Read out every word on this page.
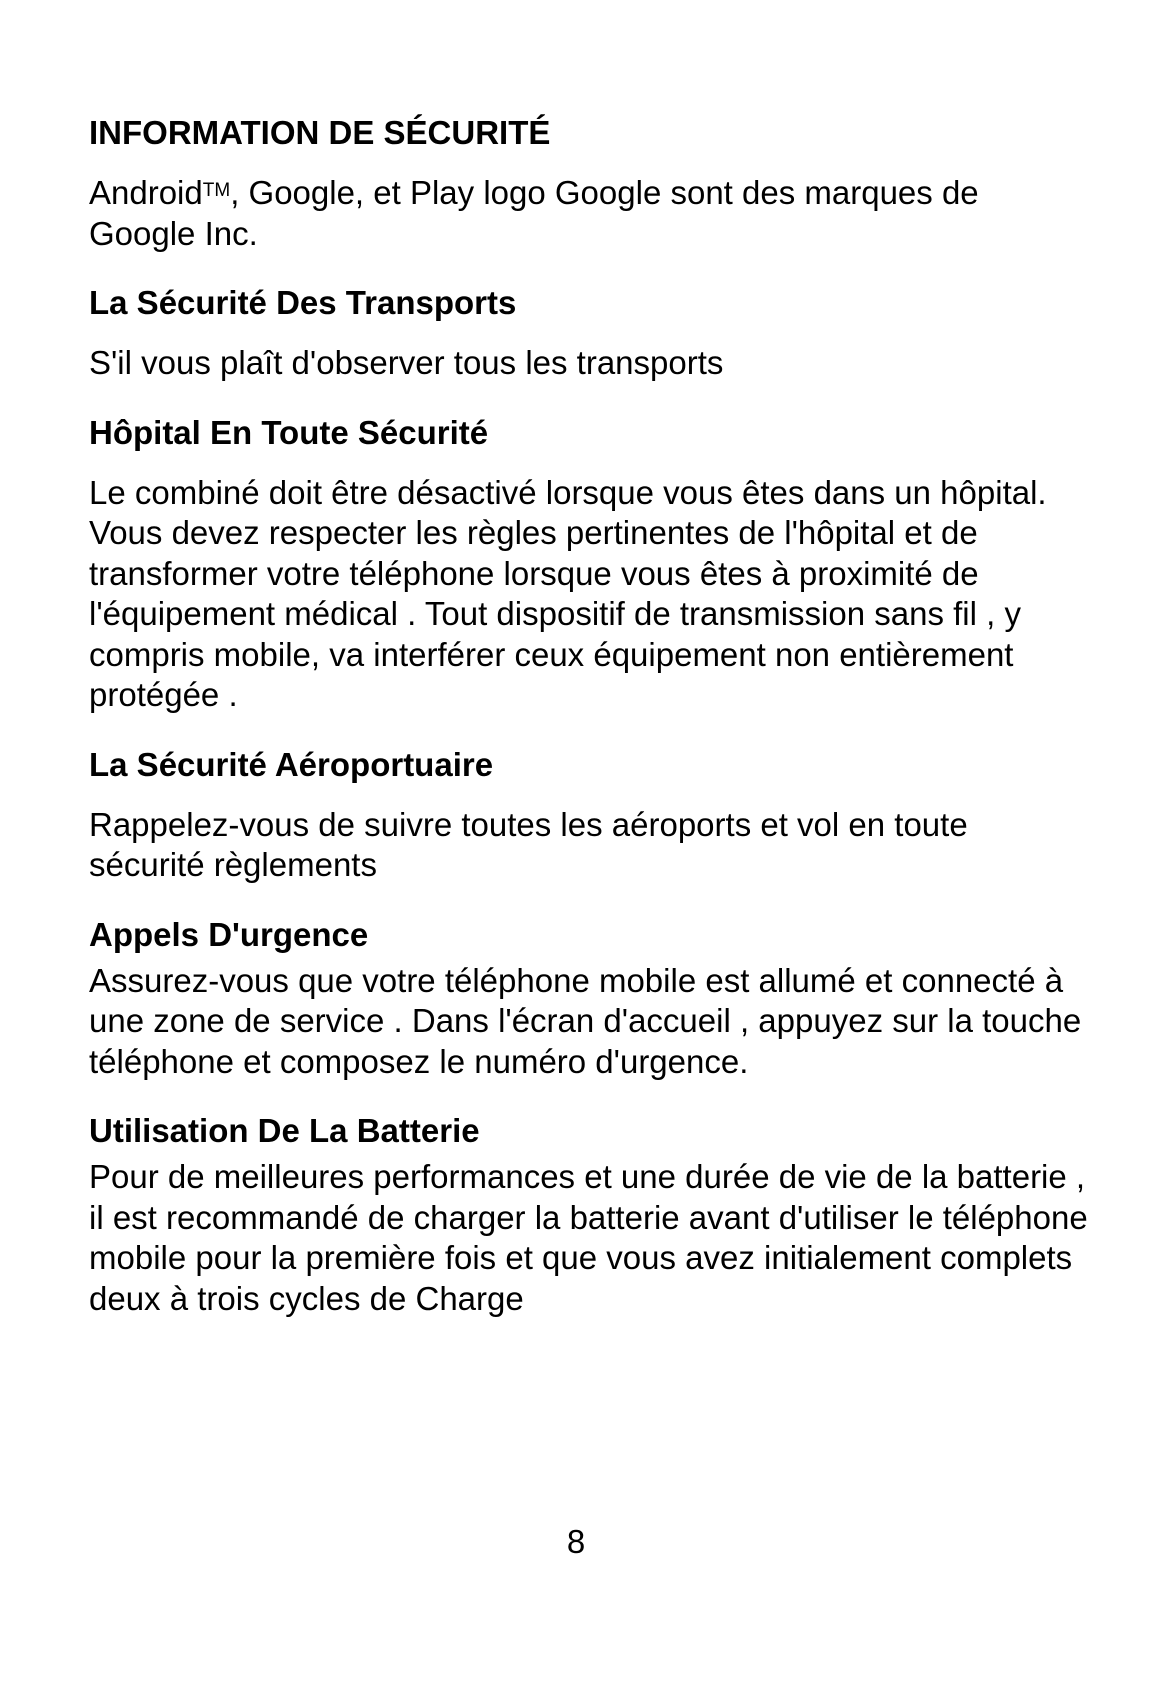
INFORMATION DE SÉCURITÉ

Android™, Google, et Play logo Google sont des marques de Google Inc.

La Sécurité Des Transports

S'il vous plaît d'observer tous les transports

Hôpital En Toute Sécurité

Le combiné doit être désactivé lorsque vous êtes dans un hôpital.

Vous devez respecter les règles pertinentes de l'hôpital et de transformer votre téléphone lorsque vous êtes à proximité de l'équipement médical . Tout dispositif de transmission sans fil , y compris mobile, va interférer ceux équipement non entièrement protégée .

La Sécurité Aéroportuaire

Rappelez-vous de suivre toutes les aéroports et vol en toute sécurité règlements

Appels D'urgence

Assurez-vous que votre téléphone mobile est allumé et connecté à une zone de service . Dans l'écran d'accueil , appuyez sur la touche téléphone et composez le numéro d'urgence.

Utilisation De La Batterie

Pour de meilleures performances et une durée de vie de la batterie , il est recommandé de charger la batterie avant d'utiliser le téléphone mobile pour la première fois et que vous avez initialement complets deux à trois cycles de Charge

8
